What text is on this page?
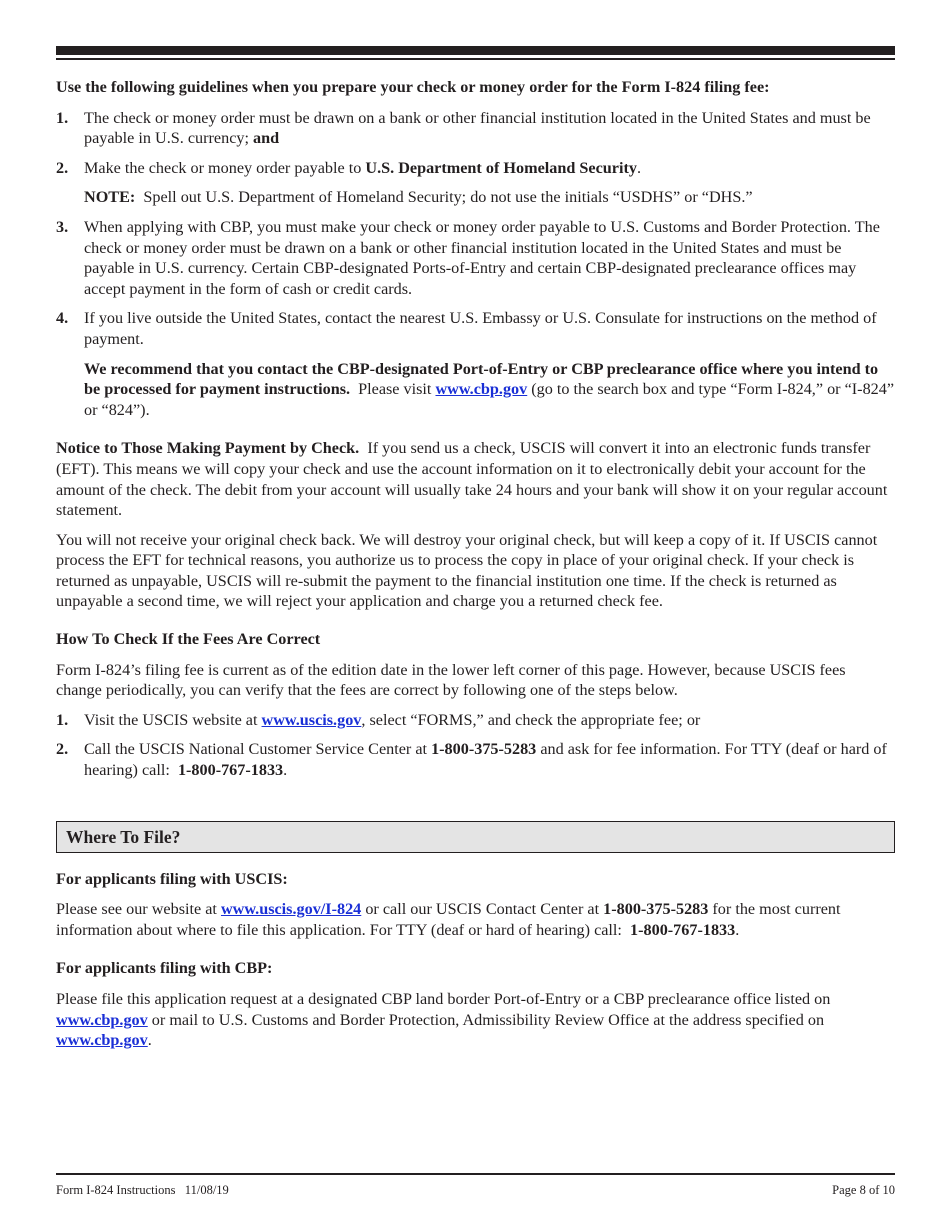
Use the following guidelines when you prepare your check or money order for the Form I-824 filing fee:

1. The check or money order must be drawn on a bank or other financial institution located in the United States and must be payable in U.S. currency; and

2. Make the check or money order payable to U.S. Department of Homeland Security.

NOTE: Spell out U.S. Department of Homeland Security; do not use the initials “USDHS” or “DHS.”

3. When applying with CBP, you must make your check or money order payable to U.S. Customs and Border Protection. The check or money order must be drawn on a bank or other financial institution located in the United States and must be payable in U.S. currency. Certain CBP-designated Ports-of-Entry and certain CBP-designated preclearance offices may accept payment in the form of cash or credit cards.

4. If you live outside the United States, contact the nearest U.S. Embassy or U.S. Consulate for instructions on the method of payment.

We recommend that you contact the CBP-designated Port-of-Entry or CBP preclearance office where you intend to be processed for payment instructions. Please visit www.cbp.gov (go to the search box and type “Form I-824,” or “I-824” or “824”).

Notice to Those Making Payment by Check. If you send us a check, USCIS will convert it into an electronic funds transfer (EFT). This means we will copy your check and use the account information on it to electronically debit your account for the amount of the check. The debit from your account will usually take 24 hours and your bank will show it on your regular account statement.

You will not receive your original check back. We will destroy your original check, but will keep a copy of it. If USCIS cannot process the EFT for technical reasons, you authorize us to process the copy in place of your original check. If your check is returned as unpayable, USCIS will re-submit the payment to the financial institution one time. If the check is returned as unpayable a second time, we will reject your application and charge you a returned check fee.

How To Check If the Fees Are Correct

Form I-824’s filing fee is current as of the edition date in the lower left corner of this page. However, because USCIS fees change periodically, you can verify that the fees are correct by following one of the steps below.

1. Visit the USCIS website at www.uscis.gov, select “FORMS,” and check the appropriate fee; or

2. Call the USCIS National Customer Service Center at 1-800-375-5283 and ask for fee information. For TTY (deaf or hard of hearing) call: 1-800-767-1833.

Where To File?

For applicants filing with USCIS:

Please see our website at www.uscis.gov/I-824 or call our USCIS Contact Center at 1-800-375-5283 for the most current information about where to file this application. For TTY (deaf or hard of hearing) call: 1-800-767-1833.

For applicants filing with CBP:

Please file this application request at a designated CBP land border Port-of-Entry or a CBP preclearance office listed on www.cbp.gov or mail to U.S. Customs and Border Protection, Admissibility Review Office at the address specified on www.cbp.gov.

Form I-824 Instructions   11/08/19	Page 8 of 10
